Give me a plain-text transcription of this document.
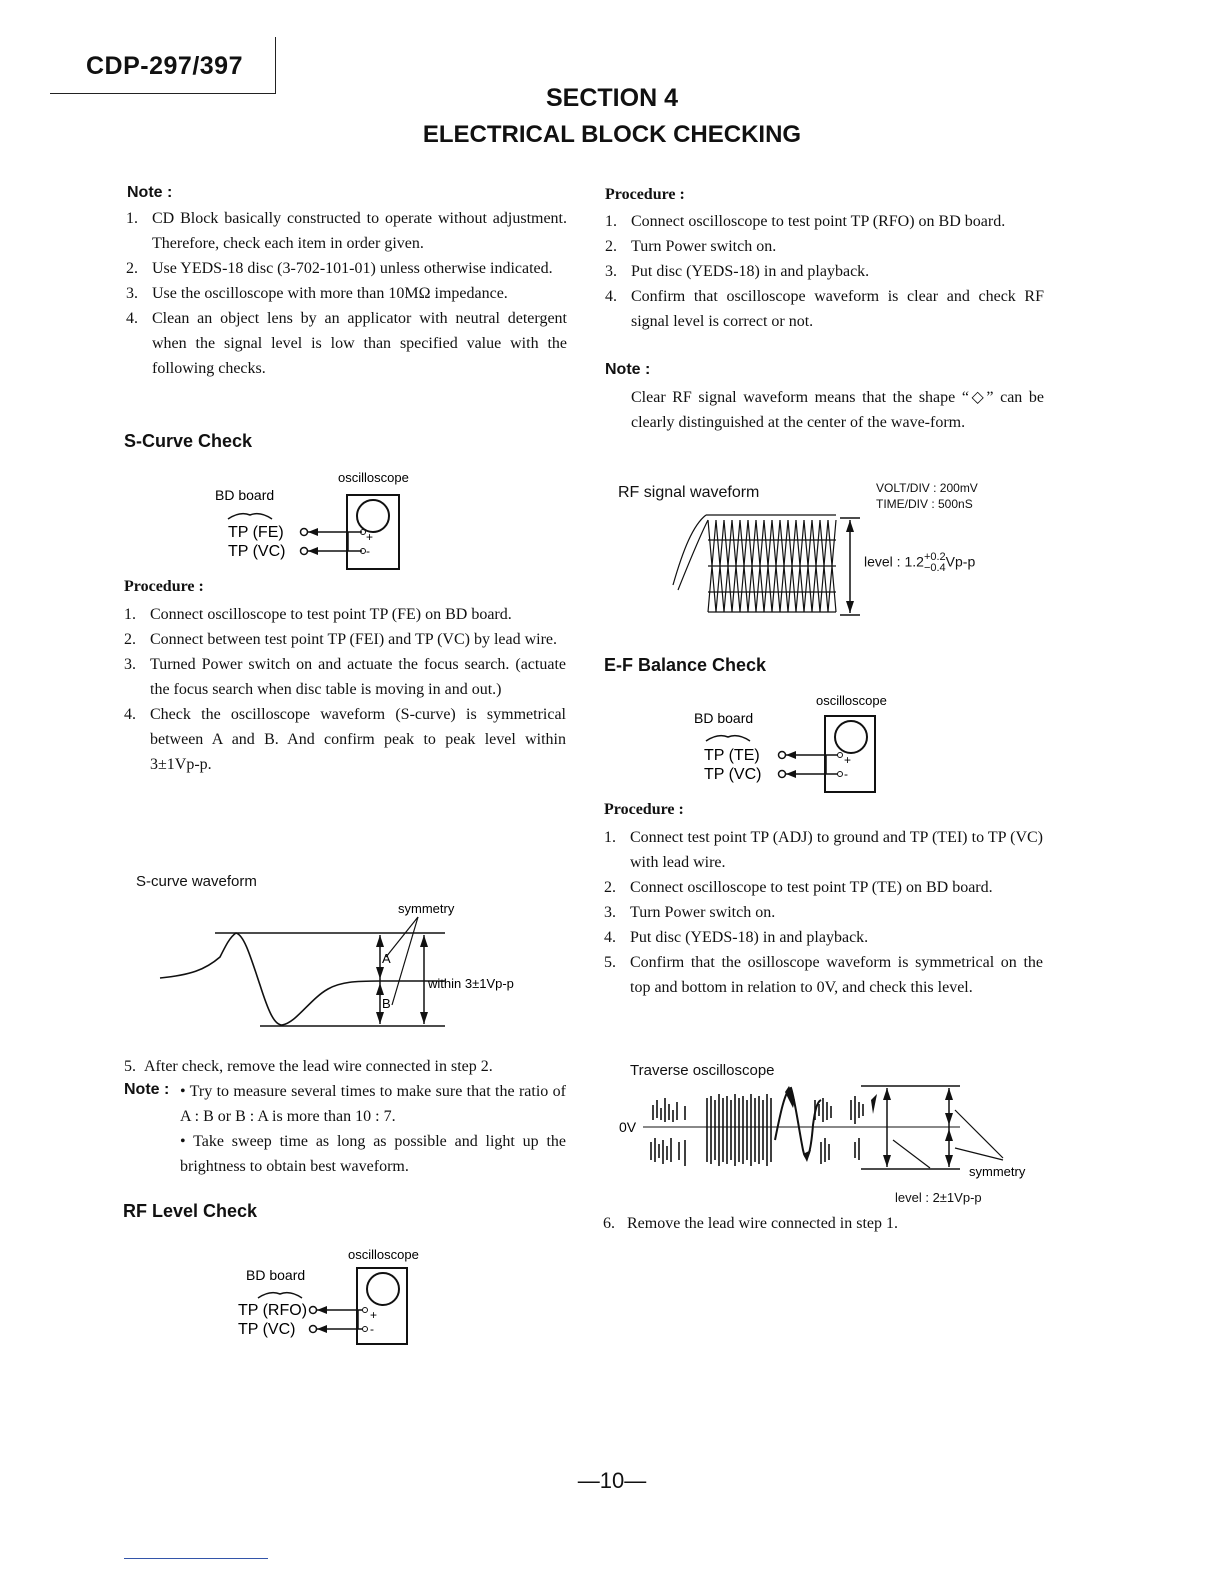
CDP-297/397
SECTION 4
ELECTRICAL BLOCK CHECKING
Note :
1. CD Block basically constructed to operate without adjustment. Therefore, check each item in order given.
2. Use YEDS-18 disc (3-702-101-01) unless otherwise indicated.
3. Use the oscilloscope with more than 10MΩ impedance.
4. Clean an object lens by an applicator with neutral detergent when the signal level is low than specified value with the following checks.
S-Curve Check
oscilloscope
BD board
TP (FE)
TP (VC)
+
-
Procedure :
1. Connect oscilloscope to test point TP (FE) on BD board.
2. Connect between test point TP (FEI) and TP (VC) by lead wire.
3. Turned Power switch on and actuate the focus search. (actuate the focus search when disc table is moving in and out.)
4. Check the oscilloscope waveform (S-curve) is symmetrical between A and B. And confirm peak to peak level within 3±1Vp-p.
S-curve waveform
symmetry
A
B
within 3±1Vp-p
5. After check, remove the lead wire connected in step 2.
Note : • Try to measure several times to make sure that the ratio of A : B or B : A is more than 10 : 7.
• Take sweep time as long as possible and light up the brightness to obtain best waveform.
RF Level Check
oscilloscope
BD board
TP (RFO)
TP (VC)
+
-
Procedure :
1. Connect oscilloscope to test point TP (RFO) on BD board.
2. Turn Power switch on.
3. Put disc (YEDS-18) in and playback.
4. Confirm that oscilloscope waveform is clear and check RF signal level is correct or not.
Note :
Clear RF signal waveform means that the shape “◇” can be clearly distinguished at the center of the wave-form.
RF signal waveform	VOLT/DIV : 200mV
TIME/DIV : 500nS
level : 1.2 +0.2
−0.4 Vp-p
E-F Balance Check
oscilloscope
BD board
TP (TE)
TP (VC)
+
-
Procedure :
1. Connect test point TP (ADJ) to ground and TP (TEI) to TP (VC) with lead wire.
2. Connect oscilloscope to test point TP (TE) on BD board.
3. Turn Power switch on.
4. Put disc (YEDS-18) in and playback.
5. Confirm that the osilloscope waveform is symmetrical on the top and bottom in relation to 0V, and check this level.
Traverse oscilloscope
0V
symmetry
level : 2±1Vp-p
6. Remove the lead wire connected in step 1.
—10—
